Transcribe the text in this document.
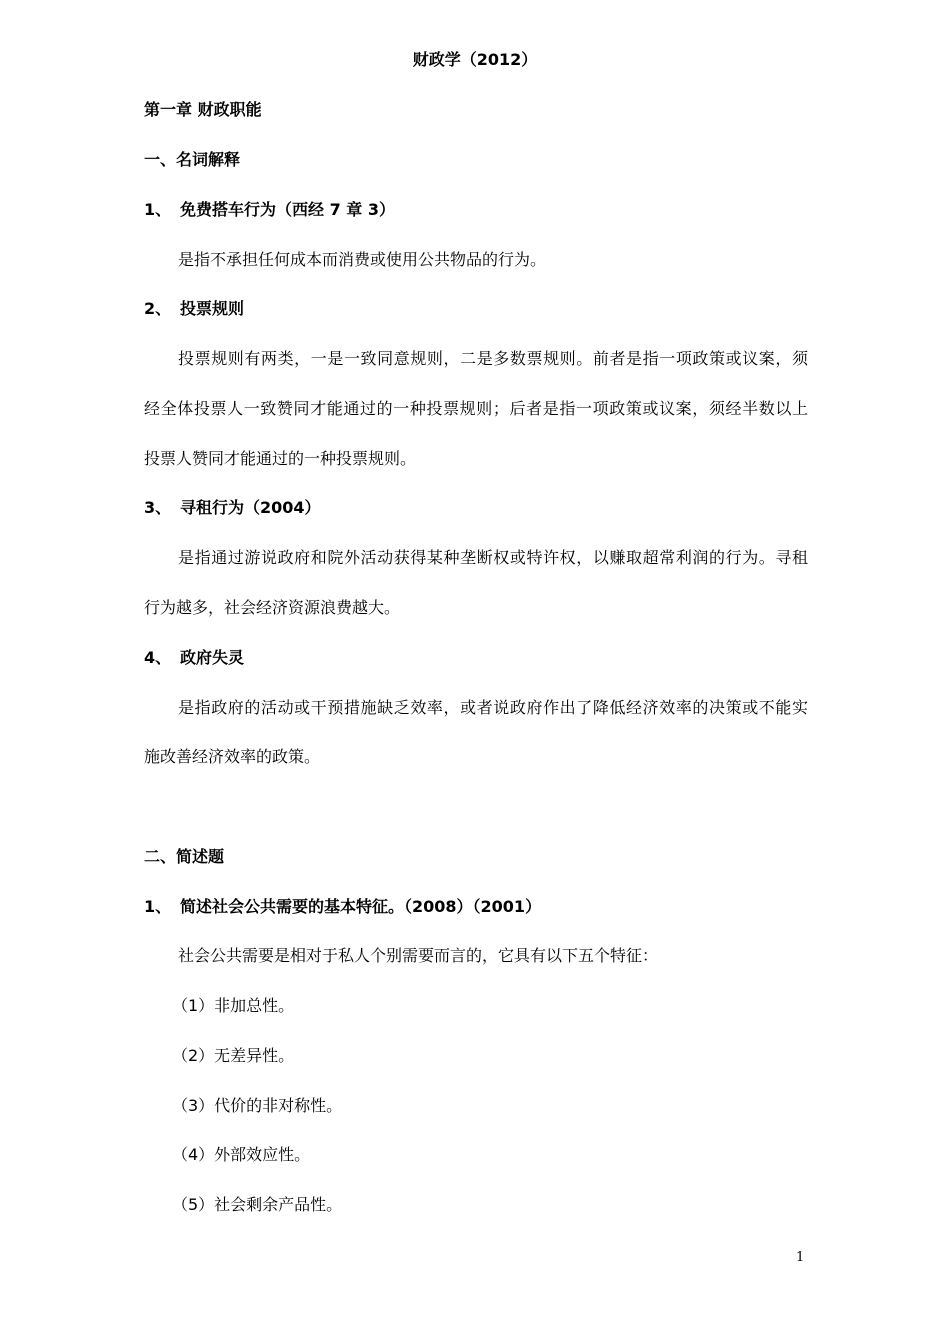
财政学（2012）
第一章 财政职能
一、名词解释
1、 免费搭车行为（西经 7 章 3）
是指不承担任何成本而消费或使用公共物品的行为。
2、 投票规则
投票规则有两类，一是一致同意规则，二是多数票规则。前者是指一项政策或议案，须
经全体投票人一致赞同才能通过的一种投票规则；后者是指一项政策或议案，须经半数以上
投票人赞同才能通过的一种投票规则。
3、 寻租行为（2004）
是指通过游说政府和院外活动获得某种垄断权或特许权，以赚取超常利润的行为。寻租
行为越多，社会经济资源浪费越大。
4、 政府失灵
是指政府的活动或干预措施缺乏效率，或者说政府作出了降低经济效率的决策或不能实
施改善经济效率的政策。
二、简述题
1、 简述社会公共需要的基本特征。（2008）（2001）
社会公共需要是相对于私人个别需要而言的，它具有以下五个特征：
（1）非加总性。
（2）无差异性。
（3）代价的非对称性。
（4）外部效应性。
（5）社会剩余产品性。
1
